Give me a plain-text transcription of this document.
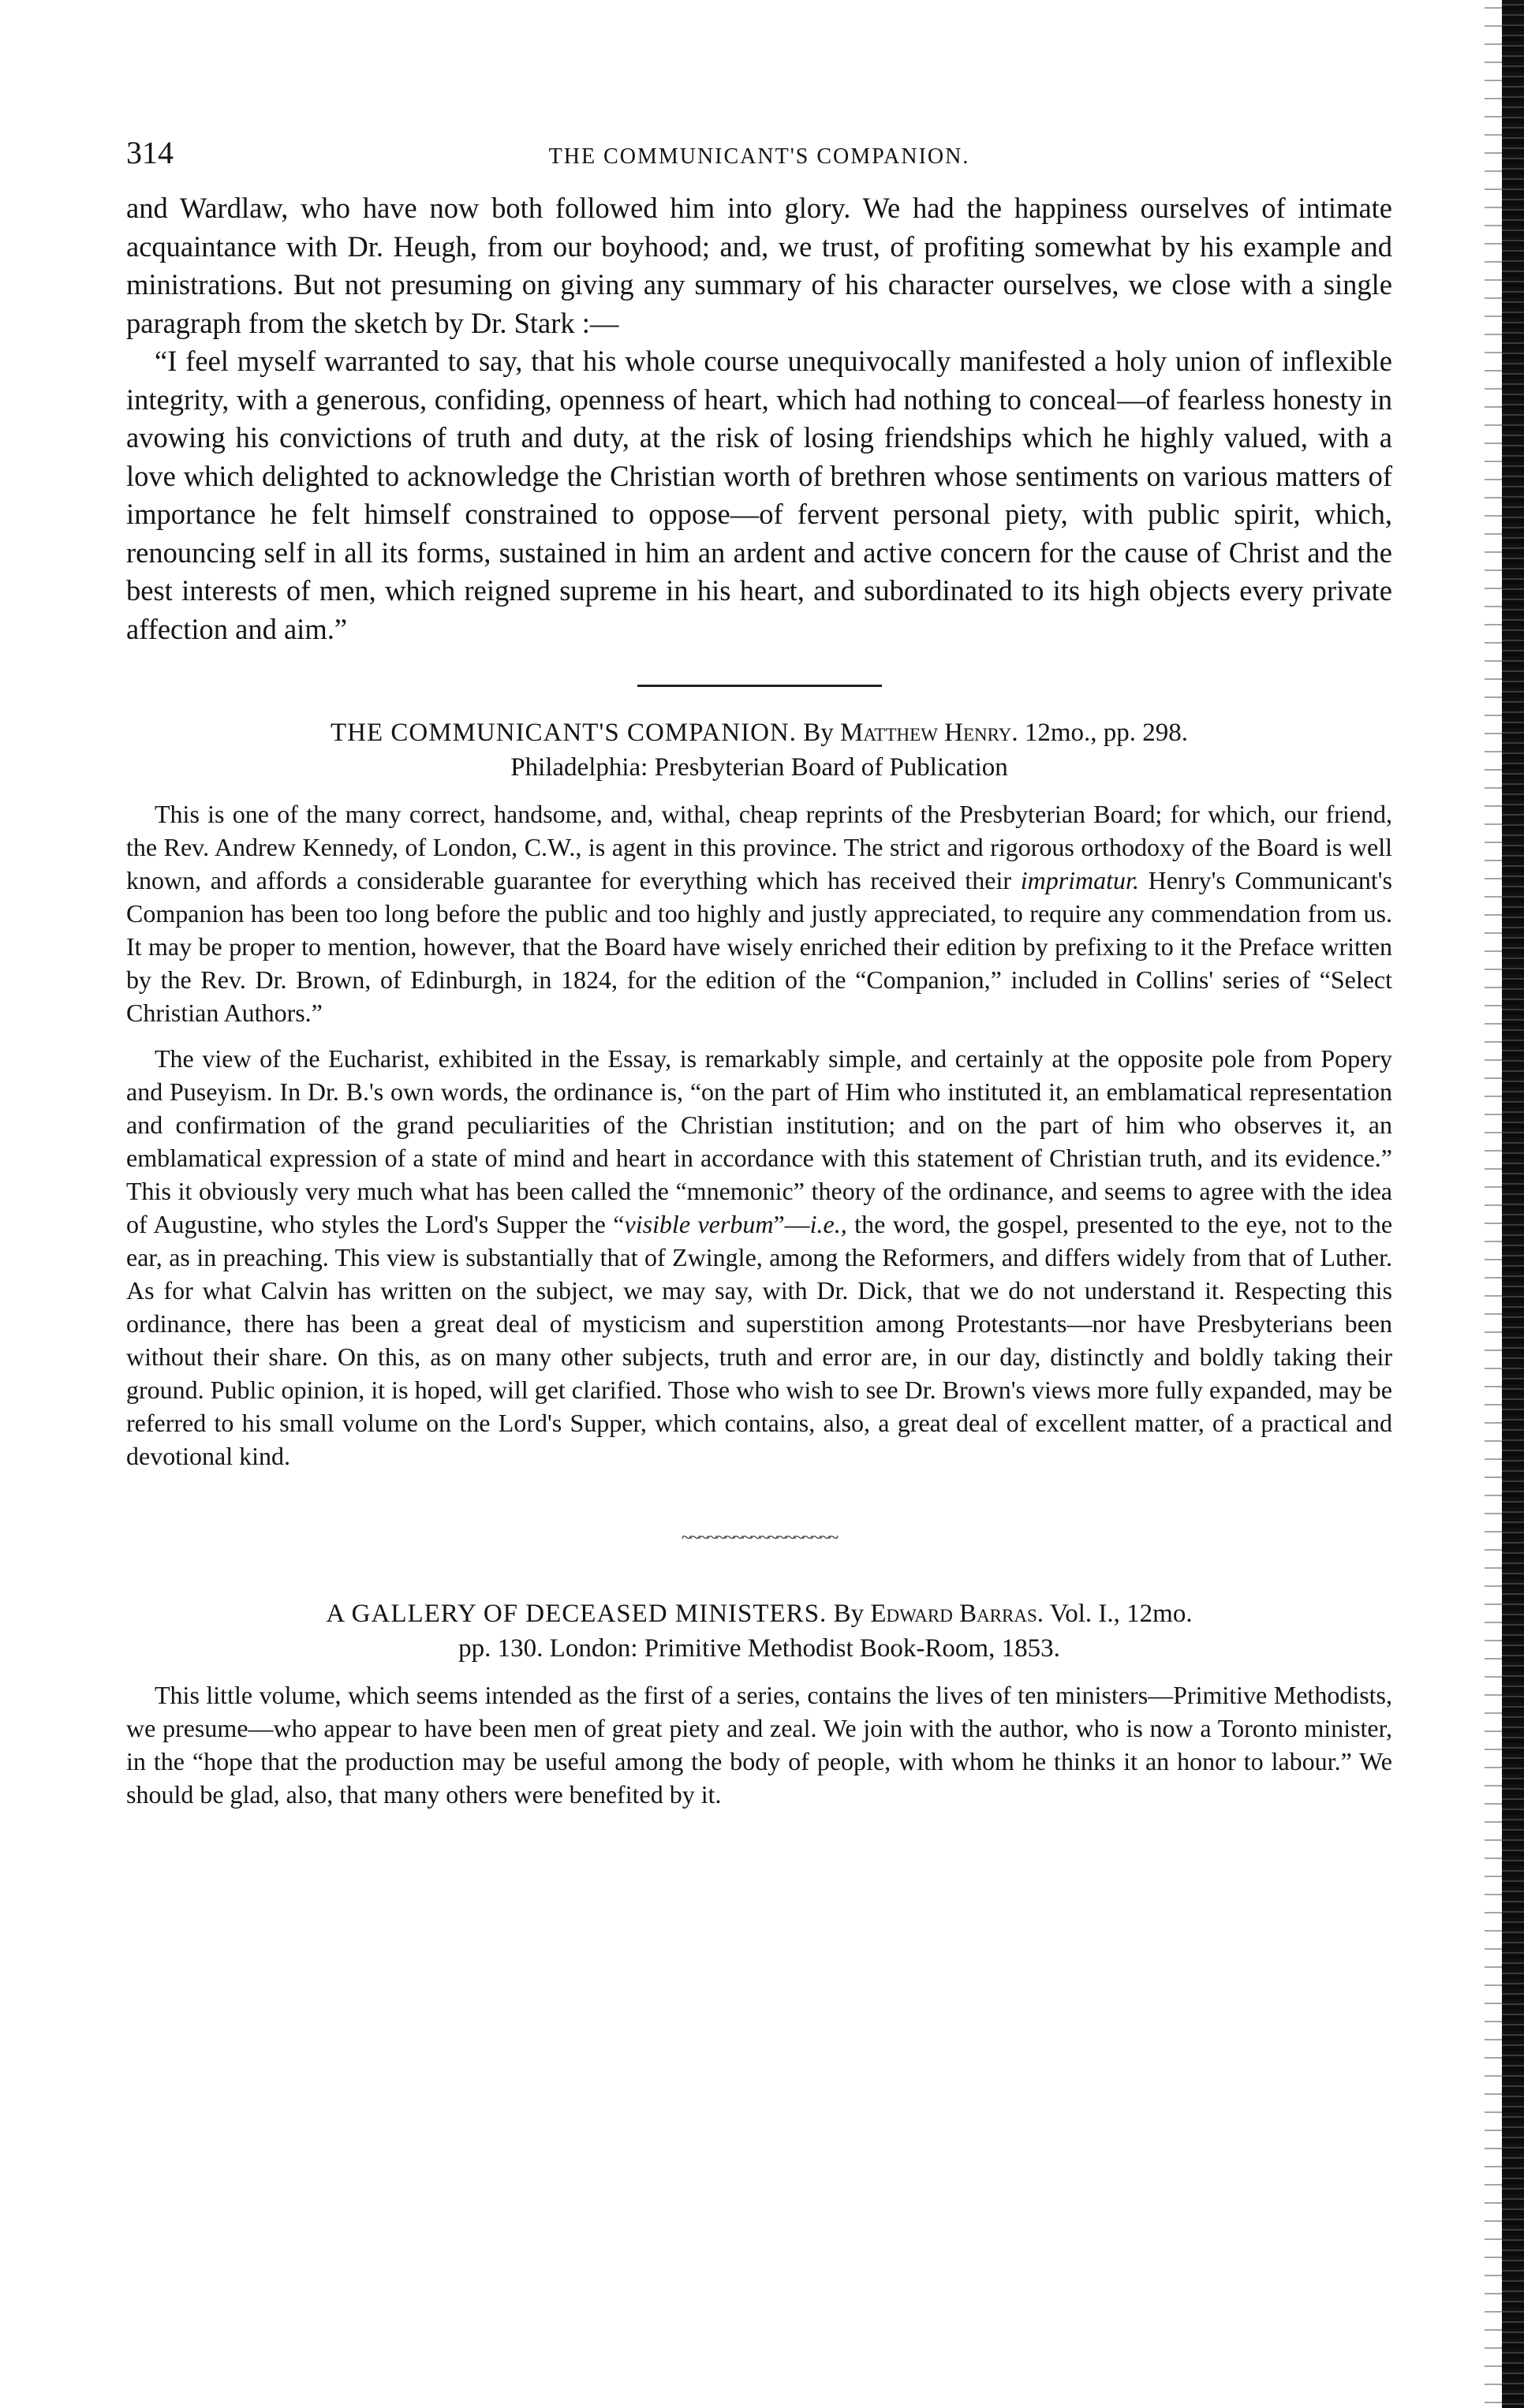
314	THE COMMUNICANT'S COMPANION.

and Wardlaw, who have now both followed him into glory. We had the happiness ourselves of intimate acquaintance with Dr. Heugh, from our boyhood; and, we trust, of profiting somewhat by his example and ministrations. But not presuming on giving any summary of his character ourselves, we close with a single paragraph from the sketch by Dr. Stark :—

“I feel myself warranted to say, that his whole course unequivocally manifested a holy union of inflexible integrity, with a generous, confiding, openness of heart, which had nothing to conceal—of fearless honesty in avowing his convictions of truth and duty, at the risk of losing friendships which he highly valued, with a love which delighted to acknowledge the Christian worth of brethren whose sentiments on various matters of importance he felt himself constrained to oppose—of fervent personal piety, with public spirit, which, renouncing self in all its forms, sustained in him an ardent and active concern for the cause of Christ and the best interests of men, which reigned supreme in his heart, and subordinated to its high objects every private affection and aim.”

THE COMMUNICANT'S COMPANION. By Matthew Henry. 12mo., pp. 298.
Philadelphia: Presbyterian Board of Publication

This is one of the many correct, handsome, and, withal, cheap reprints of the Presbyterian Board; for which, our friend, the Rev. Andrew Kennedy, of London, C.W., is agent in this province. The strict and rigorous orthodoxy of the Board is well known, and affords a considerable guarantee for everything which has received their imprimatur. Henry's Communicant's Companion has been too long before the public and too highly and justly appreciated, to require any commendation from us. It may be proper to mention, however, that the Board have wisely enriched their edition by prefixing to it the Preface written by the Rev. Dr. Brown, of Edinburgh, in 1824, for the edition of the “Companion,” included in Collins' series of “Select Christian Authors.”

The view of the Eucharist, exhibited in the Essay, is remarkably simple, and certainly at the opposite pole from Popery and Puseyism. In Dr. B.'s own words, the ordinance is, “on the part of Him who instituted it, an emblamatical representation and confirmation of the grand peculiarities of the Christian institution; and on the part of him who observes it, an emblamatical expression of a state of mind and heart in accordance with this statement of Christian truth, and its evidence.” This it obviously very much what has been called the “mnemonic” theory of the ordinance, and seems to agree with the idea of Augustine, who styles the Lord's Supper the “visible verbum”—i.e., the word, the gospel, presented to the eye, not to the ear, as in preaching. This view is substantially that of Zwingle, among the Reformers, and differs widely from that of Luther. As for what Calvin has written on the subject, we may say, with Dr. Dick, that we do not understand it. Respecting this ordinance, there has been a great deal of mysticism and superstition among Protestants—nor have Presbyterians been without their share. On this, as on many other subjects, truth and error are, in our day, distinctly and boldly taking their ground. Public opinion, it is hoped, will get clarified. Those who wish to see Dr. Brown's views more fully expanded, may be referred to his small volume on the Lord's Supper, which contains, also, a great deal of excellent matter, of a practical and devotional kind.

~~~~~~~~~~~~~~~~~~
A GALLERY OF DECEASED MINISTERS. By Edward Barras. Vol. I., 12mo.
pp. 130. London: Primitive Methodist Book-Room, 1853.

This little volume, which seems intended as the first of a series, contains the lives of ten ministers—Primitive Methodists, we presume—who appear to have been men of great piety and zeal. We join with the author, who is now a Toronto minister, in the “hope that the production may be useful among the body of people, with whom he thinks it an honor to labour.” We should be glad, also, that many others were benefited by it.
